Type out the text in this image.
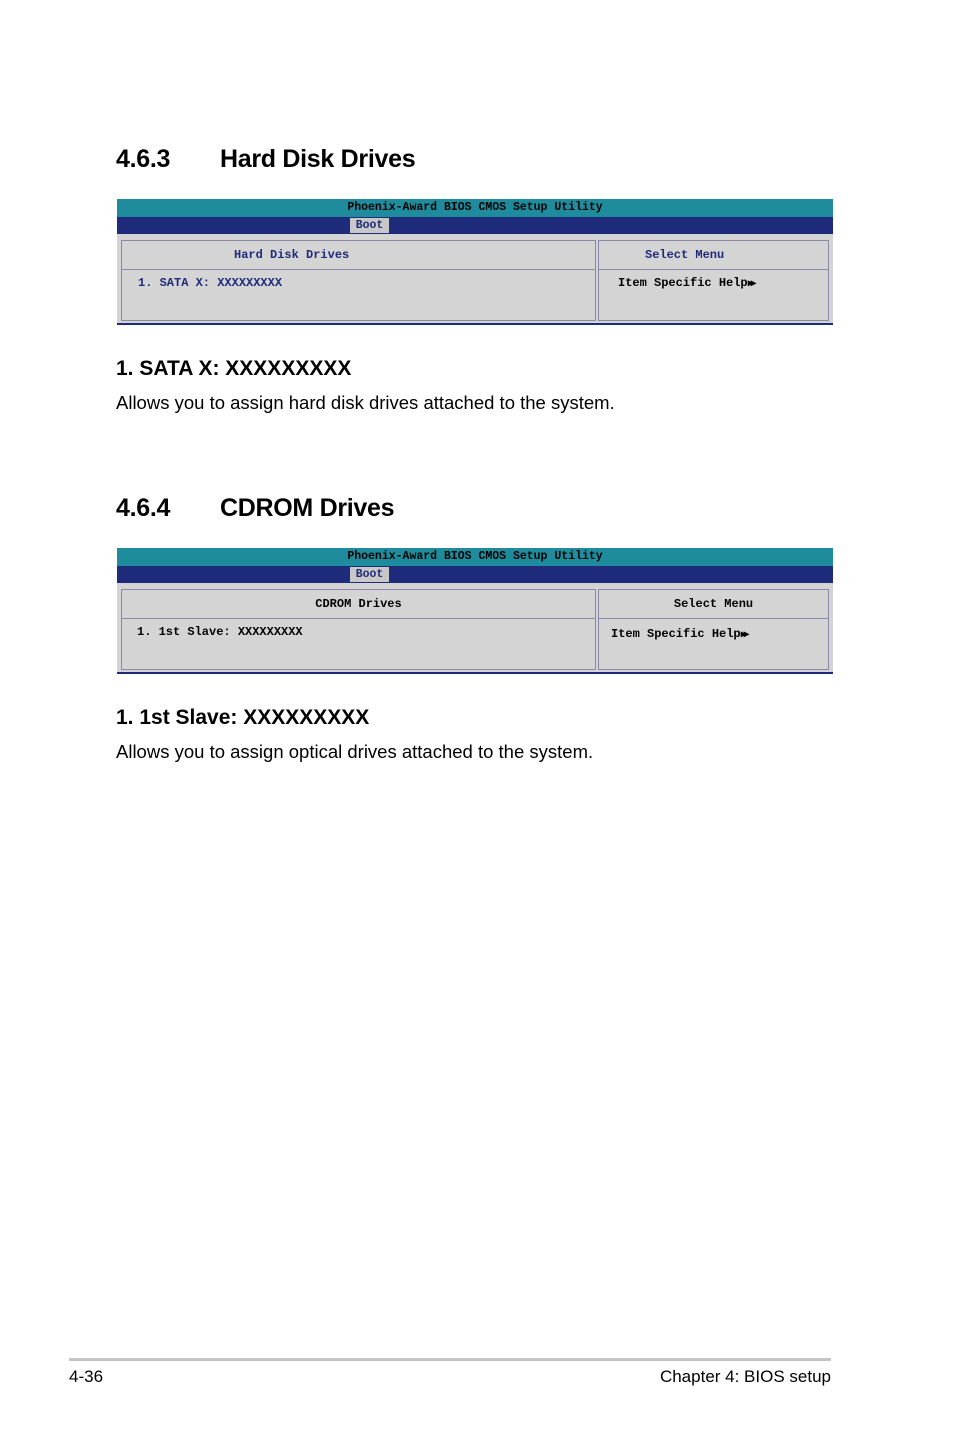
4.6.3 Hard Disk Drives
Phoenix-Award BIOS CMOS Setup Utility
Boot
Hard Disk Drives
1. SATA X: XXXXXXXXX
Select Menu
Item Specific Help▶▶
1. SATA X: XXXXXXXXX

Allows you to assign hard disk drives attached to the system.

4.6.4 CDROM Drives
Phoenix-Award BIOS CMOS Setup Utility
Boot
CDROM Drives
1. 1st Slave: XXXXXXXXX
Select Menu
Item Specific Help▶▶
1. 1st Slave: XXXXXXXXX

Allows you to assign optical drives attached to the system.

4-36	Chapter 4: BIOS setup
